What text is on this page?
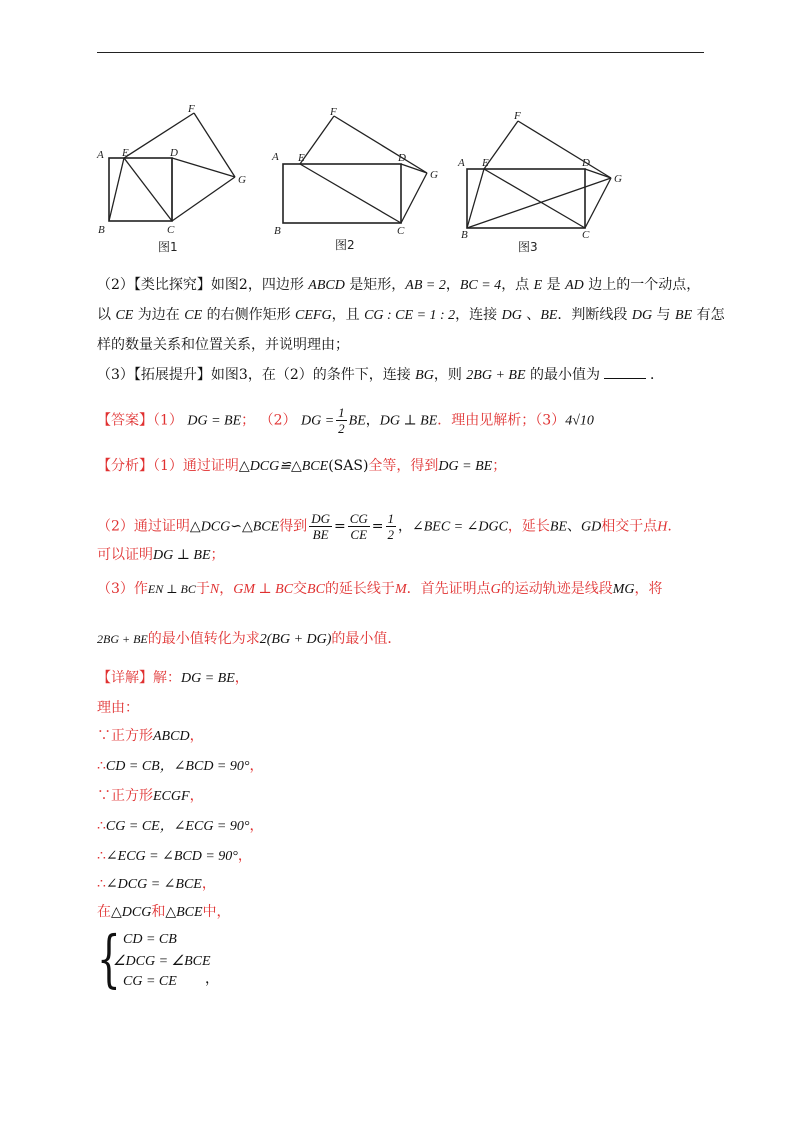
A
B	C
D
E
F
G
A
B	C
D
E
F
G
A
B	C
D
E
F
G
图1	图2	图3
（2）【类比探究】如图2，四边形 ABCD 是矩形，AB = 2，BC = 4，点 E 是 AD 边上的一个动点，
以 CE 为边在 CE 的右侧作矩形 CEFG，且 CG : CE = 1 : 2，连接 DG 、BE．判断线段 DG 与 BE 有怎
样的数量关系和位置关系，并说明理由；
（3）【拓展提升】如图3，在（2）的条件下，连接 BG，则 2BG + BE 的最小值为	．
【答案】（1） DG = BE； （2） DG = $\frac{1}{2}$ BE，DG ⊥ BE．理由见解析；（3）4√10
【分析】（1）通过证明△DCG≌△BCE(SAS)全等，得到DG = BE；
（2）通过证明△DCG∽△BCE得到 $\frac{DG}{BE} = \frac{CG}{CE} = \frac{1}{2}$ ，∠BEC = ∠DGC，延长BE、GD相交于点H.
可以证明DG ⊥ BE；
（3）作EN ⊥ BC于N，GM ⊥ BC交BC的延长线于M．首先证明点G的运动轨迹是线段MG，将
2BG + BE的最小值转化为求2(BG + DG)的最小值．
【详解】解：DG = BE，
理由：
∵正方形ABCD，
∴CD = CB，∠BCD = 90°，
∵正方形ECGF，
∴CG = CE，∠ECG = 90°，
∴∠ECG = ∠BCD = 90°，
∴∠DCG = ∠BCE，
在△DCG和△BCE中，
{ CD = CB
∠DCG = ∠BCE
CG = CE ，
